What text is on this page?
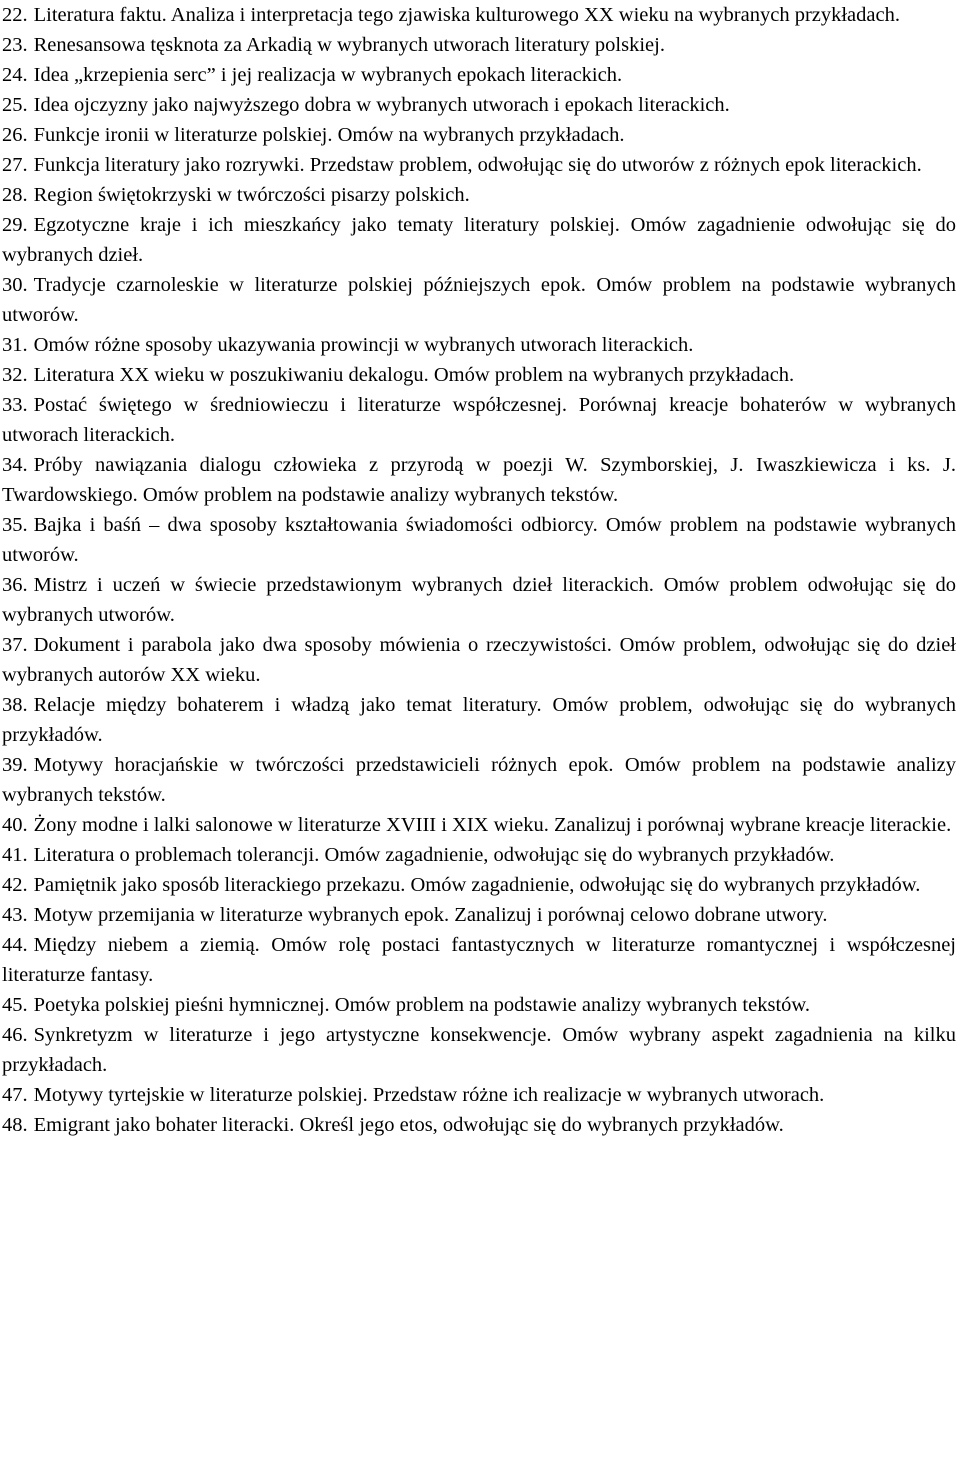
22. Literatura faktu. Analiza i interpretacja tego zjawiska kulturowego XX wieku na wybranych przykładach.

23. Renesansowa tęsknota za Arkadią w wybranych utworach literatury polskiej.

24. Idea „krzepienia serc” i jej realizacja w wybranych epokach literackich.

25. Idea ojczyzny jako najwyższego dobra w wybranych utworach i epokach literackich.

26. Funkcje ironii w literaturze polskiej. Omów na wybranych przykładach.

27. Funkcja literatury jako rozrywki. Przedstaw problem, odwołując się do utworów z różnych epok literackich.

28. Region świętokrzyski w twórczości pisarzy polskich.

29. Egzotyczne kraje i ich mieszkańcy jako tematy literatury polskiej. Omów zagadnienie odwołując się do wybranych dzieł.

30. Tradycje czarnoleskie w literaturze polskiej późniejszych epok. Omów problem na podstawie wybranych utworów.

31. Omów różne sposoby ukazywania prowincji w wybranych utworach literackich.

32. Literatura XX wieku w poszukiwaniu dekalogu. Omów problem na wybranych przykładach.

33. Postać świętego w średniowieczu i literaturze współczesnej. Porównaj kreacje bohaterów w wybranych utworach literackich.

34. Próby nawiązania dialogu człowieka z przyrodą w poezji W. Szymborskiej, J. Iwaszkiewicza i ks. J. Twardowskiego. Omów problem na podstawie analizy wybranych tekstów.

35. Bajka i baśń – dwa sposoby kształtowania świadomości odbiorcy. Omów problem na podstawie wybranych utworów.

36. Mistrz i uczeń w świecie przedstawionym wybranych dzieł literackich. Omów problem odwołując się do wybranych utworów.

37. Dokument i parabola jako dwa sposoby mówienia o rzeczywistości. Omów problem, odwołując się do dzieł wybranych autorów XX wieku.

38. Relacje między bohaterem i władzą jako temat literatury. Omów problem, odwołując się do wybranych przykładów.

39. Motywy horacjańskie w twórczości przedstawicieli różnych epok. Omów problem na podstawie analizy wybranych tekstów.

40. Żony modne i lalki salonowe w literaturze XVIII i XIX wieku. Zanalizuj i porównaj wybrane kreacje literackie.

41. Literatura o problemach tolerancji. Omów zagadnienie, odwołując się do wybranych przykładów.

42. Pamiętnik jako sposób literackiego przekazu. Omów zagadnienie, odwołując się do wybranych przykładów.

43. Motyw przemijania w literaturze wybranych epok. Zanalizuj i porównaj celowo dobrane utwory.

44. Między niebem a ziemią. Omów rolę postaci fantastycznych w literaturze romantycznej i współczesnej literaturze fantasy.

45. Poetyka polskiej pieśni hymnicznej. Omów problem na podstawie analizy wybranych tekstów.

46. Synkretyzm w literaturze i jego artystyczne konsekwencje. Omów wybrany aspekt zagadnienia na kilku przykładach.

47. Motywy tyrtejskie w literaturze polskiej. Przedstaw różne ich realizacje w wybranych utworach.

48. Emigrant jako bohater literacki. Określ jego etos, odwołując się do wybranych przykładów.
